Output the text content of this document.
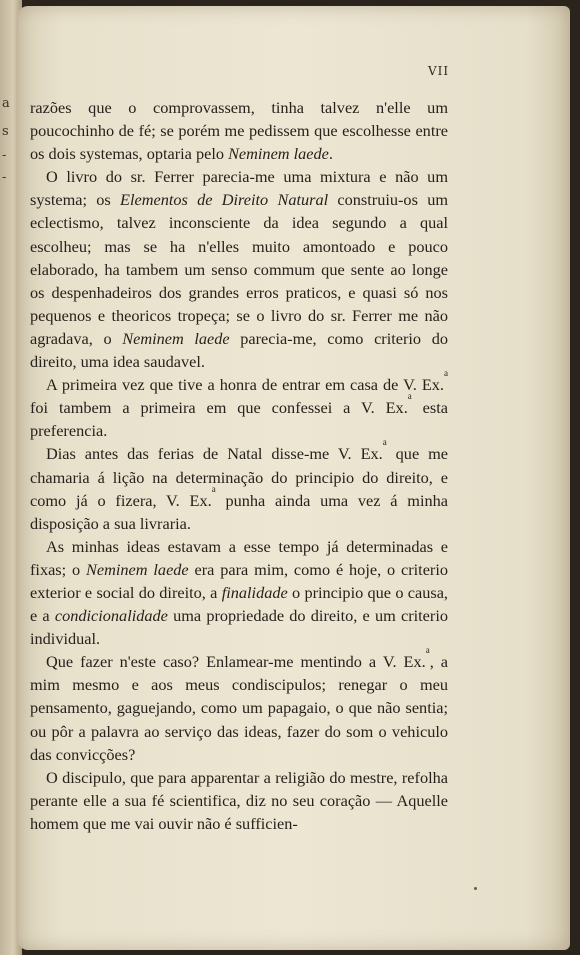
a
s
-
-
VII

razões que o comprovassem, tinha talvez n'elle um poucochinho de fé; se porém me pedissem que escolhesse entre os dois systemas, optaria pelo Neminem laede.

O livro do sr. Ferrer parecia-me uma mixtura e não um systema; os Elementos de Direito Natural construiu-os um eclectismo, talvez inconsciente da idea segundo a qual escolheu; mas se ha n'elles muito amontoado e pouco elaborado, ha tambem um senso commum que sente ao longe os despenhadeiros dos grandes erros praticos, e quasi só nos pequenos e theoricos tropeça; se o livro do sr. Ferrer me não agradava, o Neminem laede parecia-me, como criterio do direito, uma idea saudavel.

A primeira vez que tive a honra de entrar em casa de V. Ex.$^a$ foi tambem a primeira em que confessei a V. Ex.$^a$ esta preferencia.

Dias antes das ferias de Natal disse-me V. Ex.$^a$ que me chamaria á lição na determinação do principio do direito, e como já o fizera, V. Ex.$^a$ punha ainda uma vez á minha disposição a sua livraria.

As minhas ideas estavam a esse tempo já determinadas e fixas; o Neminem laede era para mim, como é hoje, o criterio exterior e social do direito, a finalidade o principio que o causa, e a condicionalidade uma propriedade do direito, e um criterio individual.

Que fazer n'este caso? Enlamear-me mentindo a V. Ex.$^a$, a mim mesmo e aos meus condiscipulos; renegar o meu pensamento, gaguejando, como um papagaio, o que não sentia; ou pôr a palavra ao serviço das ideas, fazer do som o vehiculo das convicções?

O discipulo, que para apparentar a religião do mestre, refolha perante elle a sua fé scientifica, diz no seu coração — Aquelle homem que me vai ouvir não é sufficien-
